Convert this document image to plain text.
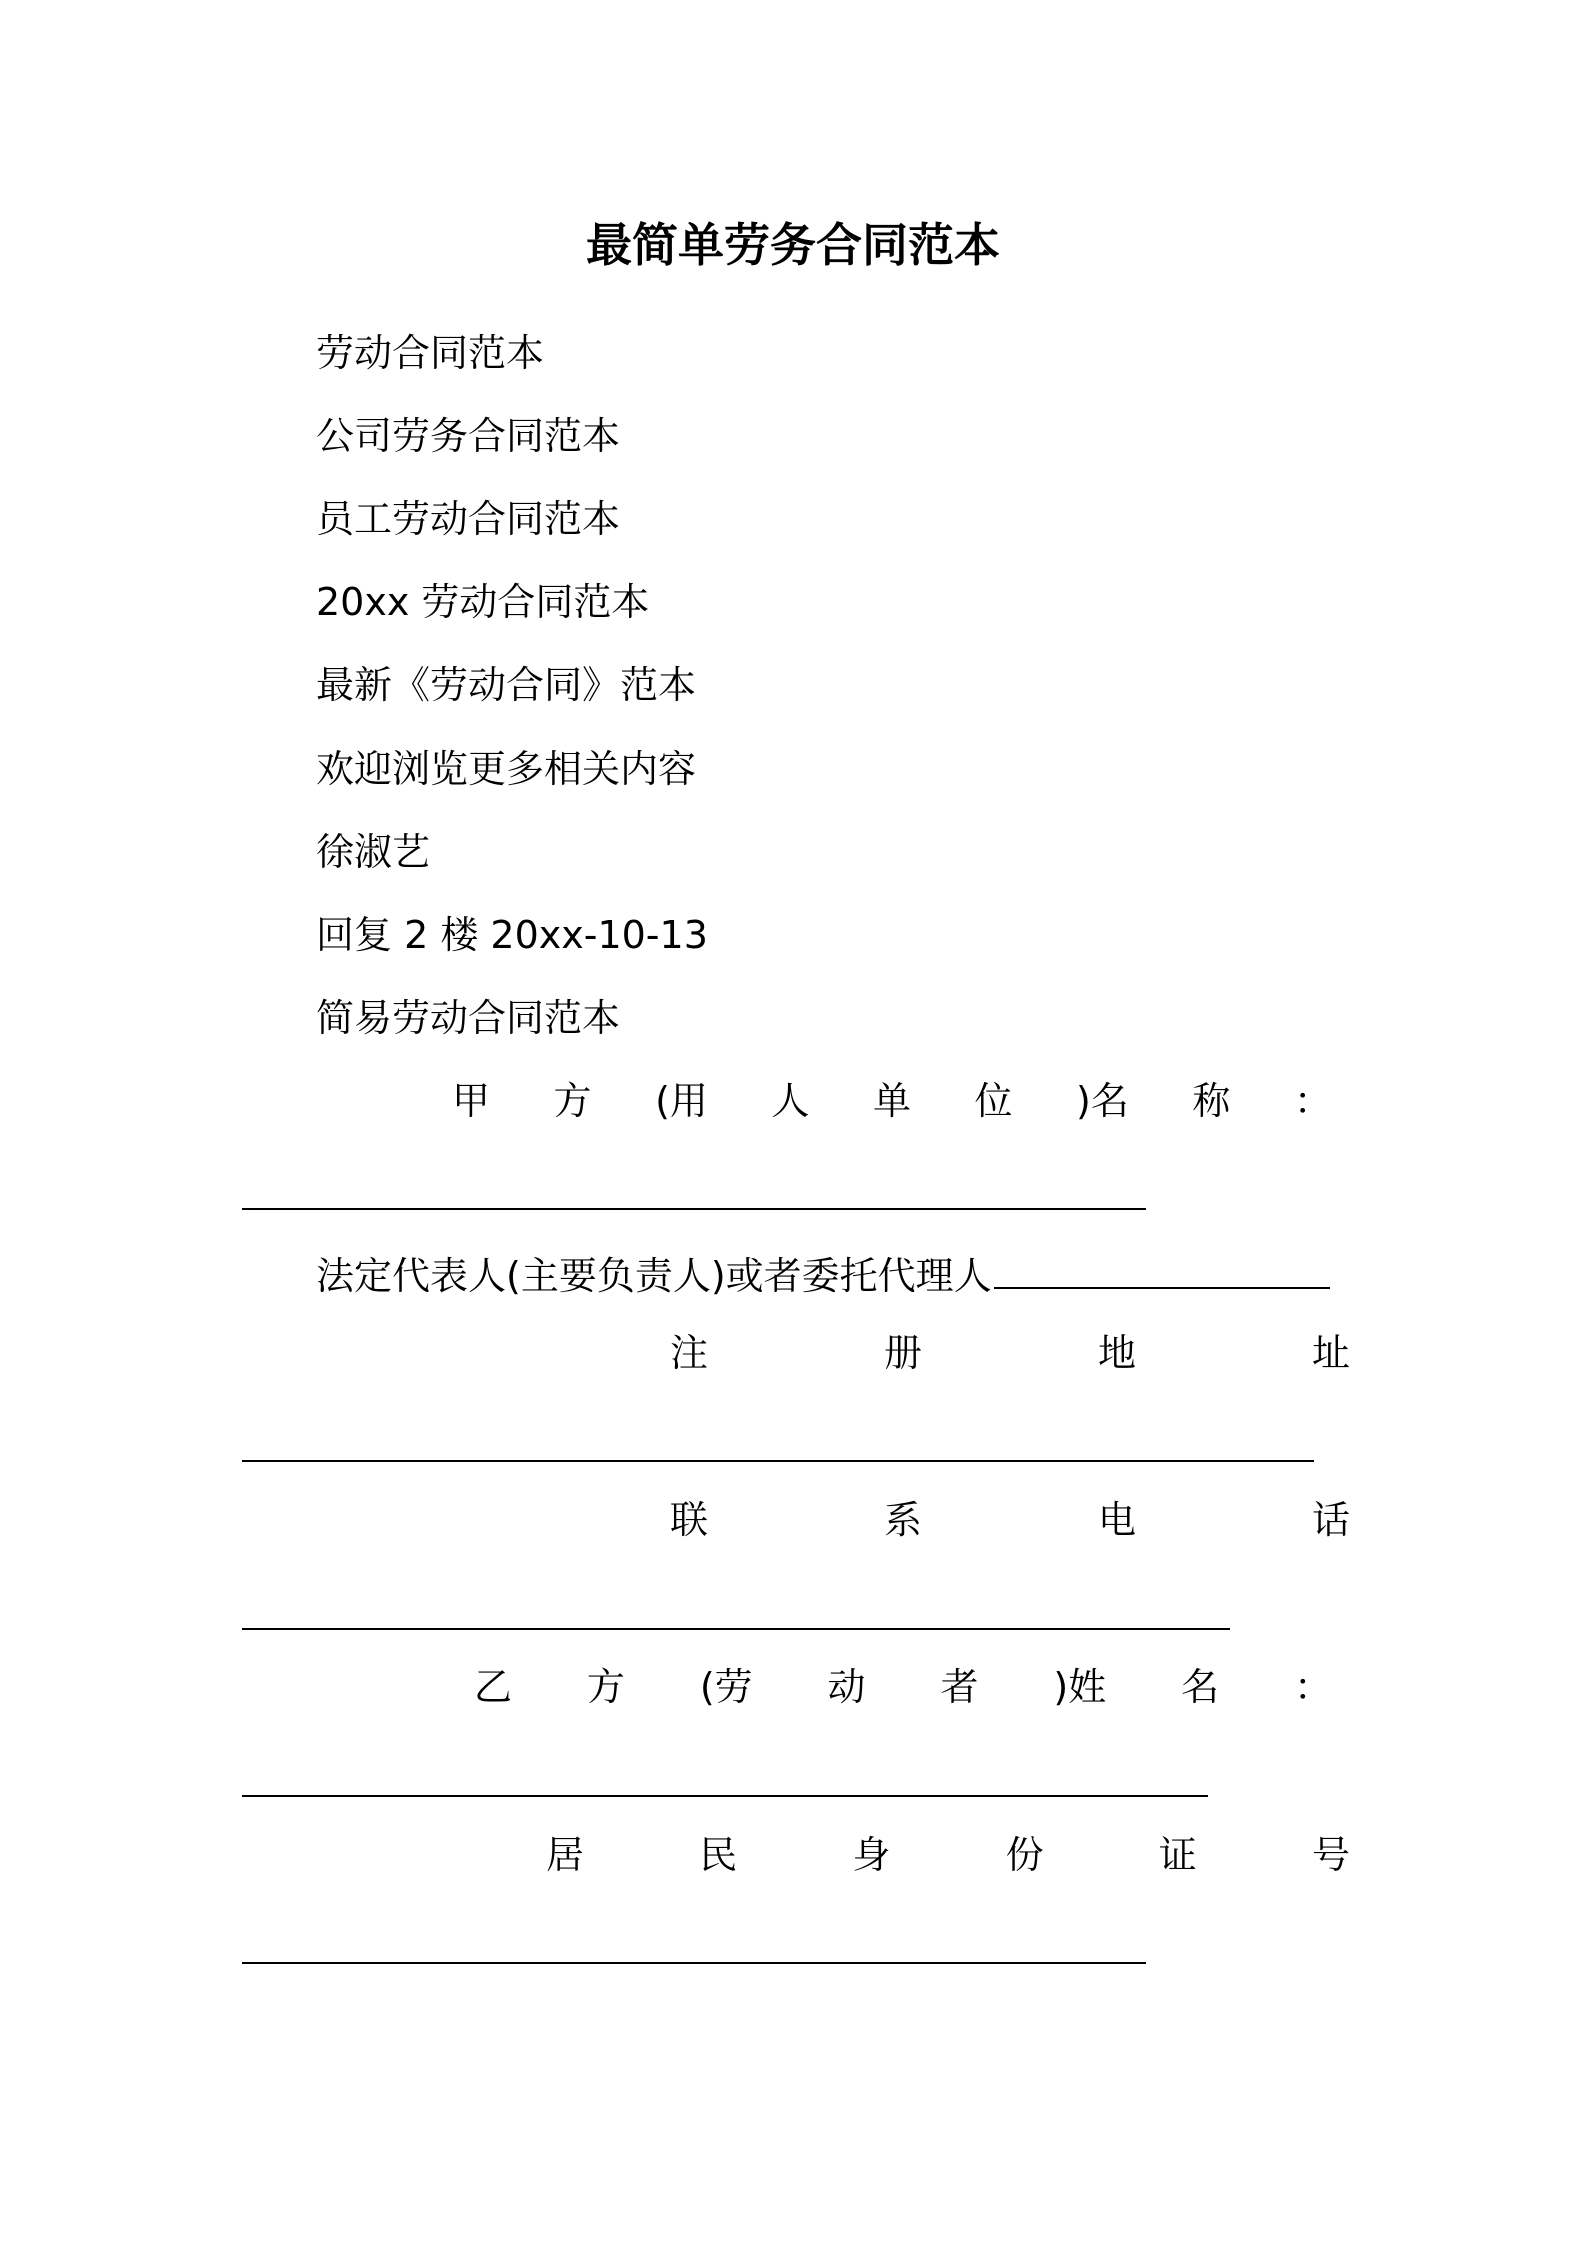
最简单劳务合同范本
劳动合同范本
公司劳务合同范本
员工劳动合同范本
20xx 劳动合同范本
最新《劳动合同》范本
欢迎浏览更多相关内容
徐淑艺
回复 2 楼 20xx-10-13
简易劳动合同范本
甲 方 (用 人 单 位 )名 称 ：
法定代表人(主要负责人)或者委托代理人
注	册	地	址
联	系	电	话
乙 方 (劳 动 者 )姓 名 ：
居	民	身	份	证	号
